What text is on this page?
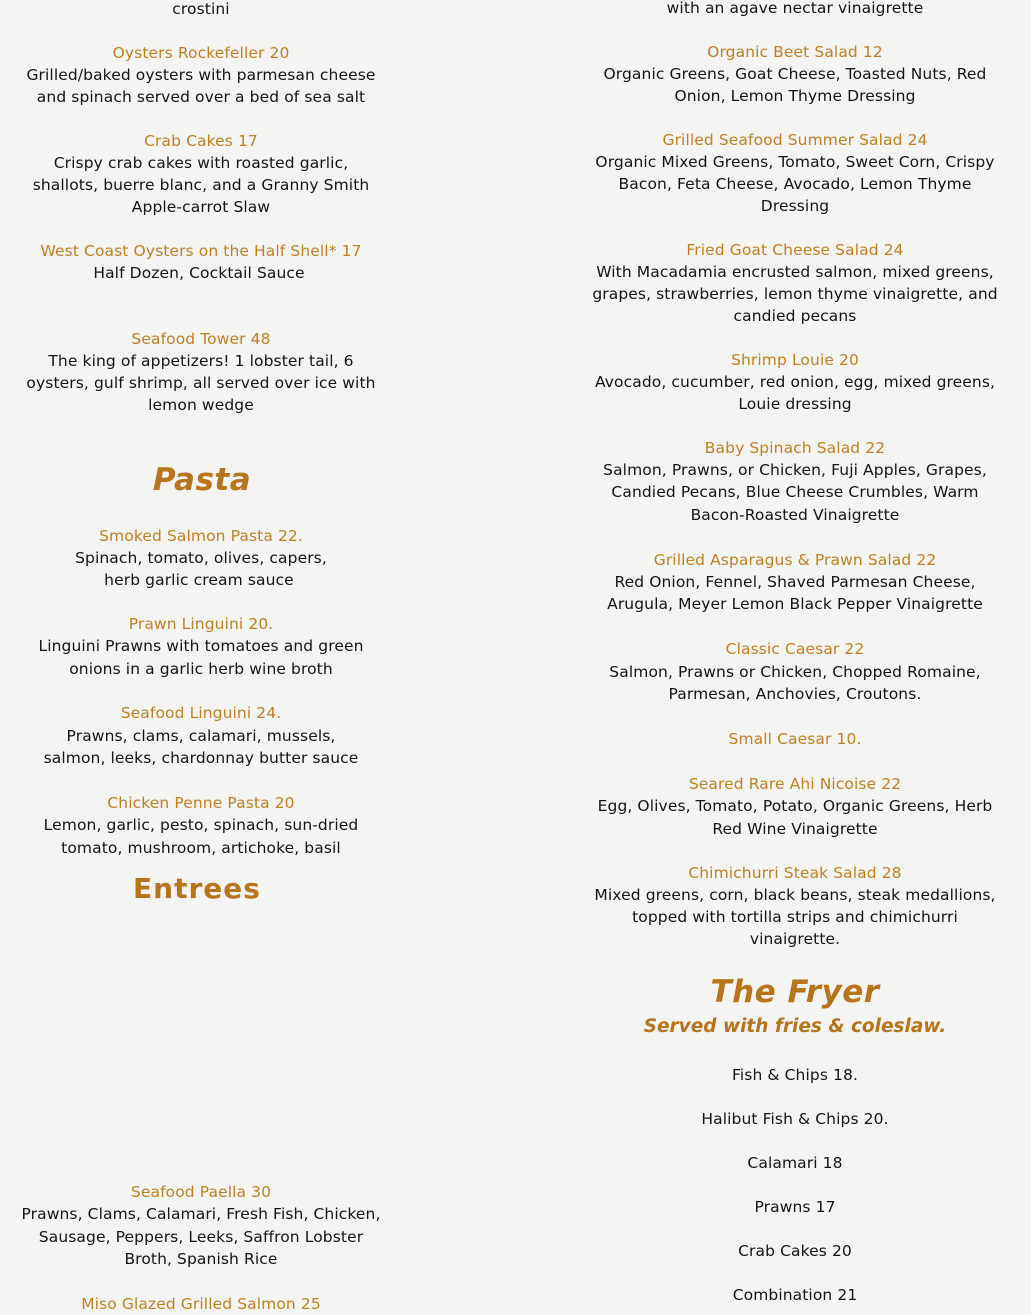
crostini
Oysters Rockefeller 20
Grilled/baked oysters with parmesan cheese
and spinach served over a bed of sea salt
Crab Cakes 17
Crispy crab cakes with roasted garlic,
shallots, buerre blanc, and a Granny Smith
Apple-carrot Slaw
West Coast Oysters on the Half Shell* 17
Half Dozen, Cocktail Sauce
Seafood Tower 48
The king of appetizers! 1 lobster tail, 6
oysters, gulf shrimp, all served over ice with
lemon wedge
Pasta
Smoked Salmon Pasta 22.
Spinach, tomato, olives, capers,
herb garlic cream sauce
Prawn Linguini 20.
Linguini Prawns with tomatoes and green
onions in a garlic herb wine broth
Seafood Linguini 24.
Prawns, clams, calamari, mussels,
salmon, leeks, chardonnay butter sauce
Chicken Penne Pasta 20
Lemon, garlic, pesto, spinach, sun-dried
tomato, mushroom, artichoke, basil
Entrees
Seafood Paella 30
Prawns, Clams, Calamari, Fresh Fish, Chicken,
Sausage, Peppers, Leeks, Saffron Lobster
Broth, Spanish Rice
Miso Glazed Grilled Salmon 25
with an agave nectar vinaigrette
Organic Beet Salad 12
Organic Greens, Goat Cheese, Toasted Nuts, Red
Onion, Lemon Thyme Dressing
Grilled Seafood Summer Salad 24
Organic Mixed Greens, Tomato, Sweet Corn, Crispy
Bacon, Feta Cheese, Avocado, Lemon Thyme
Dressing
Fried Goat Cheese Salad 24
With Macadamia encrusted salmon, mixed greens,
grapes, strawberries, lemon thyme vinaigrette, and
candied pecans
Shrimp Louie 20
Avocado, cucumber, red onion, egg, mixed greens,
Louie dressing
Baby Spinach Salad 22
Salmon, Prawns, or Chicken, Fuji Apples, Grapes,
Candied Pecans, Blue Cheese Crumbles, Warm
Bacon-Roasted Vinaigrette
Grilled Asparagus & Prawn Salad 22
Red Onion, Fennel, Shaved Parmesan Cheese,
Arugula, Meyer Lemon Black Pepper Vinaigrette
Classic Caesar 22
Salmon, Prawns or Chicken, Chopped Romaine,
Parmesan, Anchovies, Croutons.
Small Caesar 10.
Seared Rare Ahi Nicoise 22
Egg, Olives, Tomato, Potato, Organic Greens, Herb
Red Wine Vinaigrette
Chimichurri Steak Salad 28
Mixed greens, corn, black beans, steak medallions,
topped with tortilla strips and chimichurri
vinaigrette.
The Fryer
Served with fries & coleslaw.
Fish & Chips 18.
Halibut Fish & Chips 20.
Calamari 18
Prawns 17
Crab Cakes 20
Combination 21
